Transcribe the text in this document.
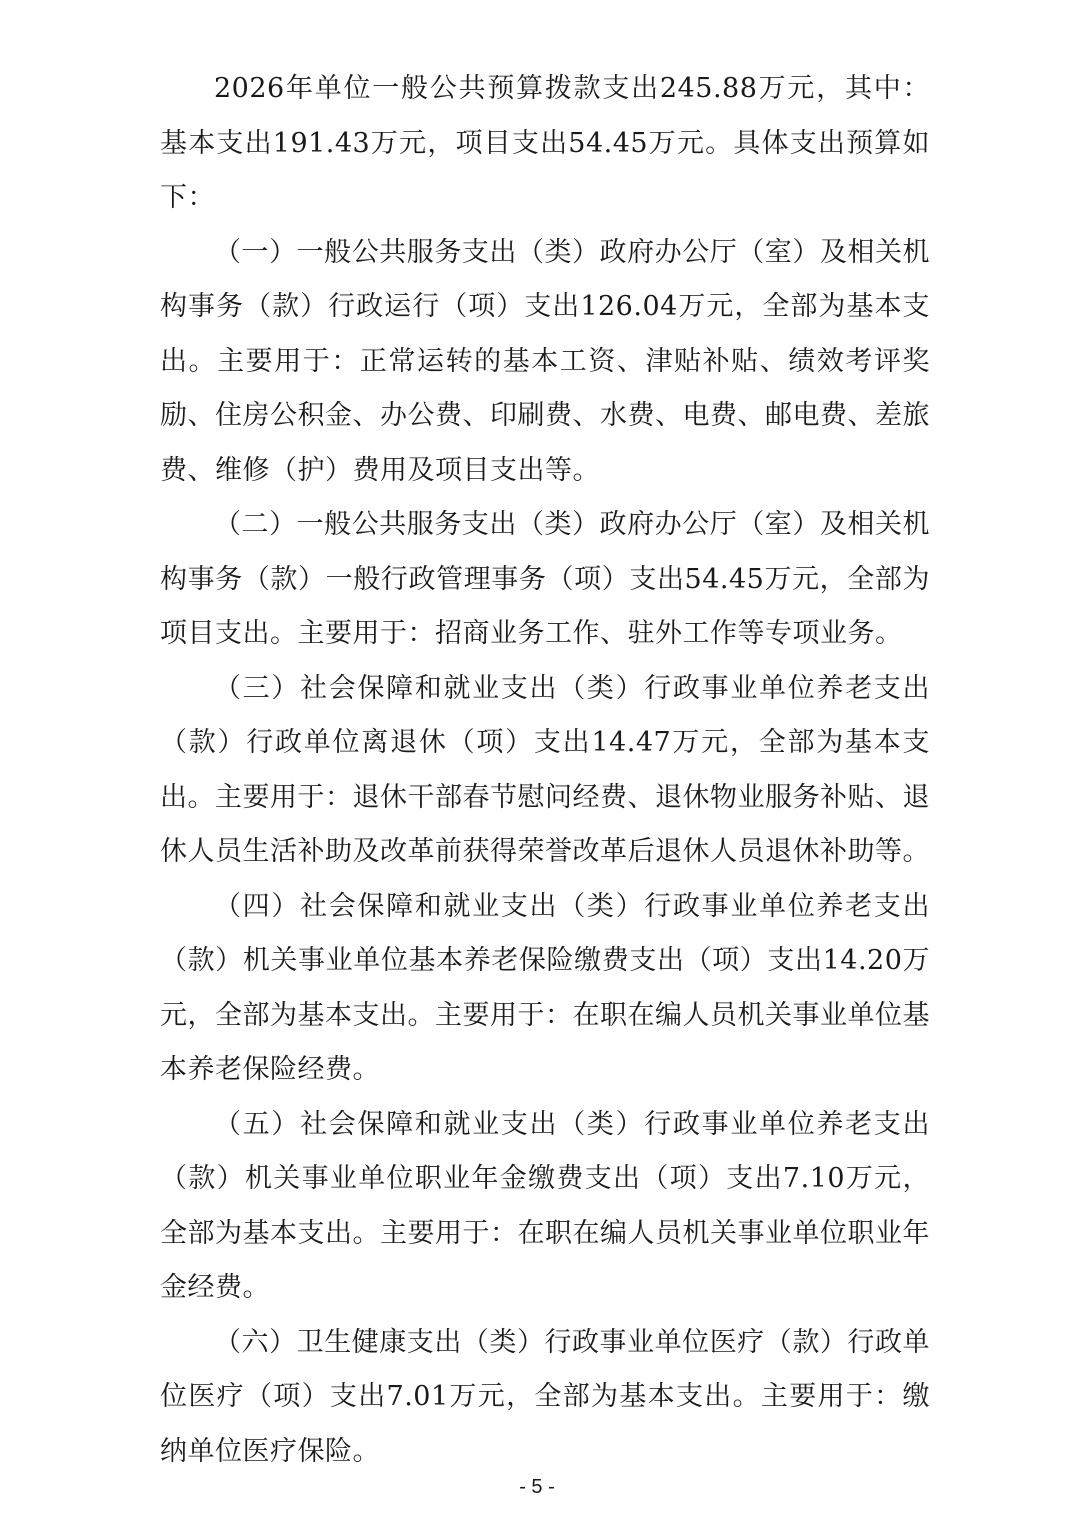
2026年单位一般公共预算拨款支出245.88万元，其中：基本支出191.43万元，项目支出54.45万元。具体支出预算如下：

（一）一般公共服务支出（类）政府办公厅（室）及相关机构事务（款）行政运行（项）支出126.04万元，全部为基本支出。主要用于：正常运转的基本工资、津贴补贴、绩效考评奖励、住房公积金、办公费、印刷费、水费、电费、邮电费、差旅费、维修（护）费用及项目支出等。

（二）一般公共服务支出（类）政府办公厅（室）及相关机构事务（款）一般行政管理事务（项）支出54.45万元，全部为项目支出。主要用于：招商业务工作、驻外工作等专项业务。

（三）社会保障和就业支出（类）行政事业单位养老支出（款）行政单位离退休（项）支出14.47万元，全部为基本支出。主要用于：退休干部春节慰问经费、退休物业服务补贴、退休人员生活补助及改革前获得荣誉改革后退休人员退休补助等。

（四）社会保障和就业支出（类）行政事业单位养老支出（款）机关事业单位基本养老保险缴费支出（项）支出14.20万元，全部为基本支出。主要用于：在职在编人员机关事业单位基本养老保险经费。

（五）社会保障和就业支出（类）行政事业单位养老支出（款）机关事业单位职业年金缴费支出（项）支出7.10万元，全部为基本支出。主要用于：在职在编人员机关事业单位职业年金经费。

（六）卫生健康支出（类）行政事业单位医疗（款）行政单位医疗（项）支出7.01万元，全部为基本支出。主要用于：缴纳单位医疗保险。

- 5 -
